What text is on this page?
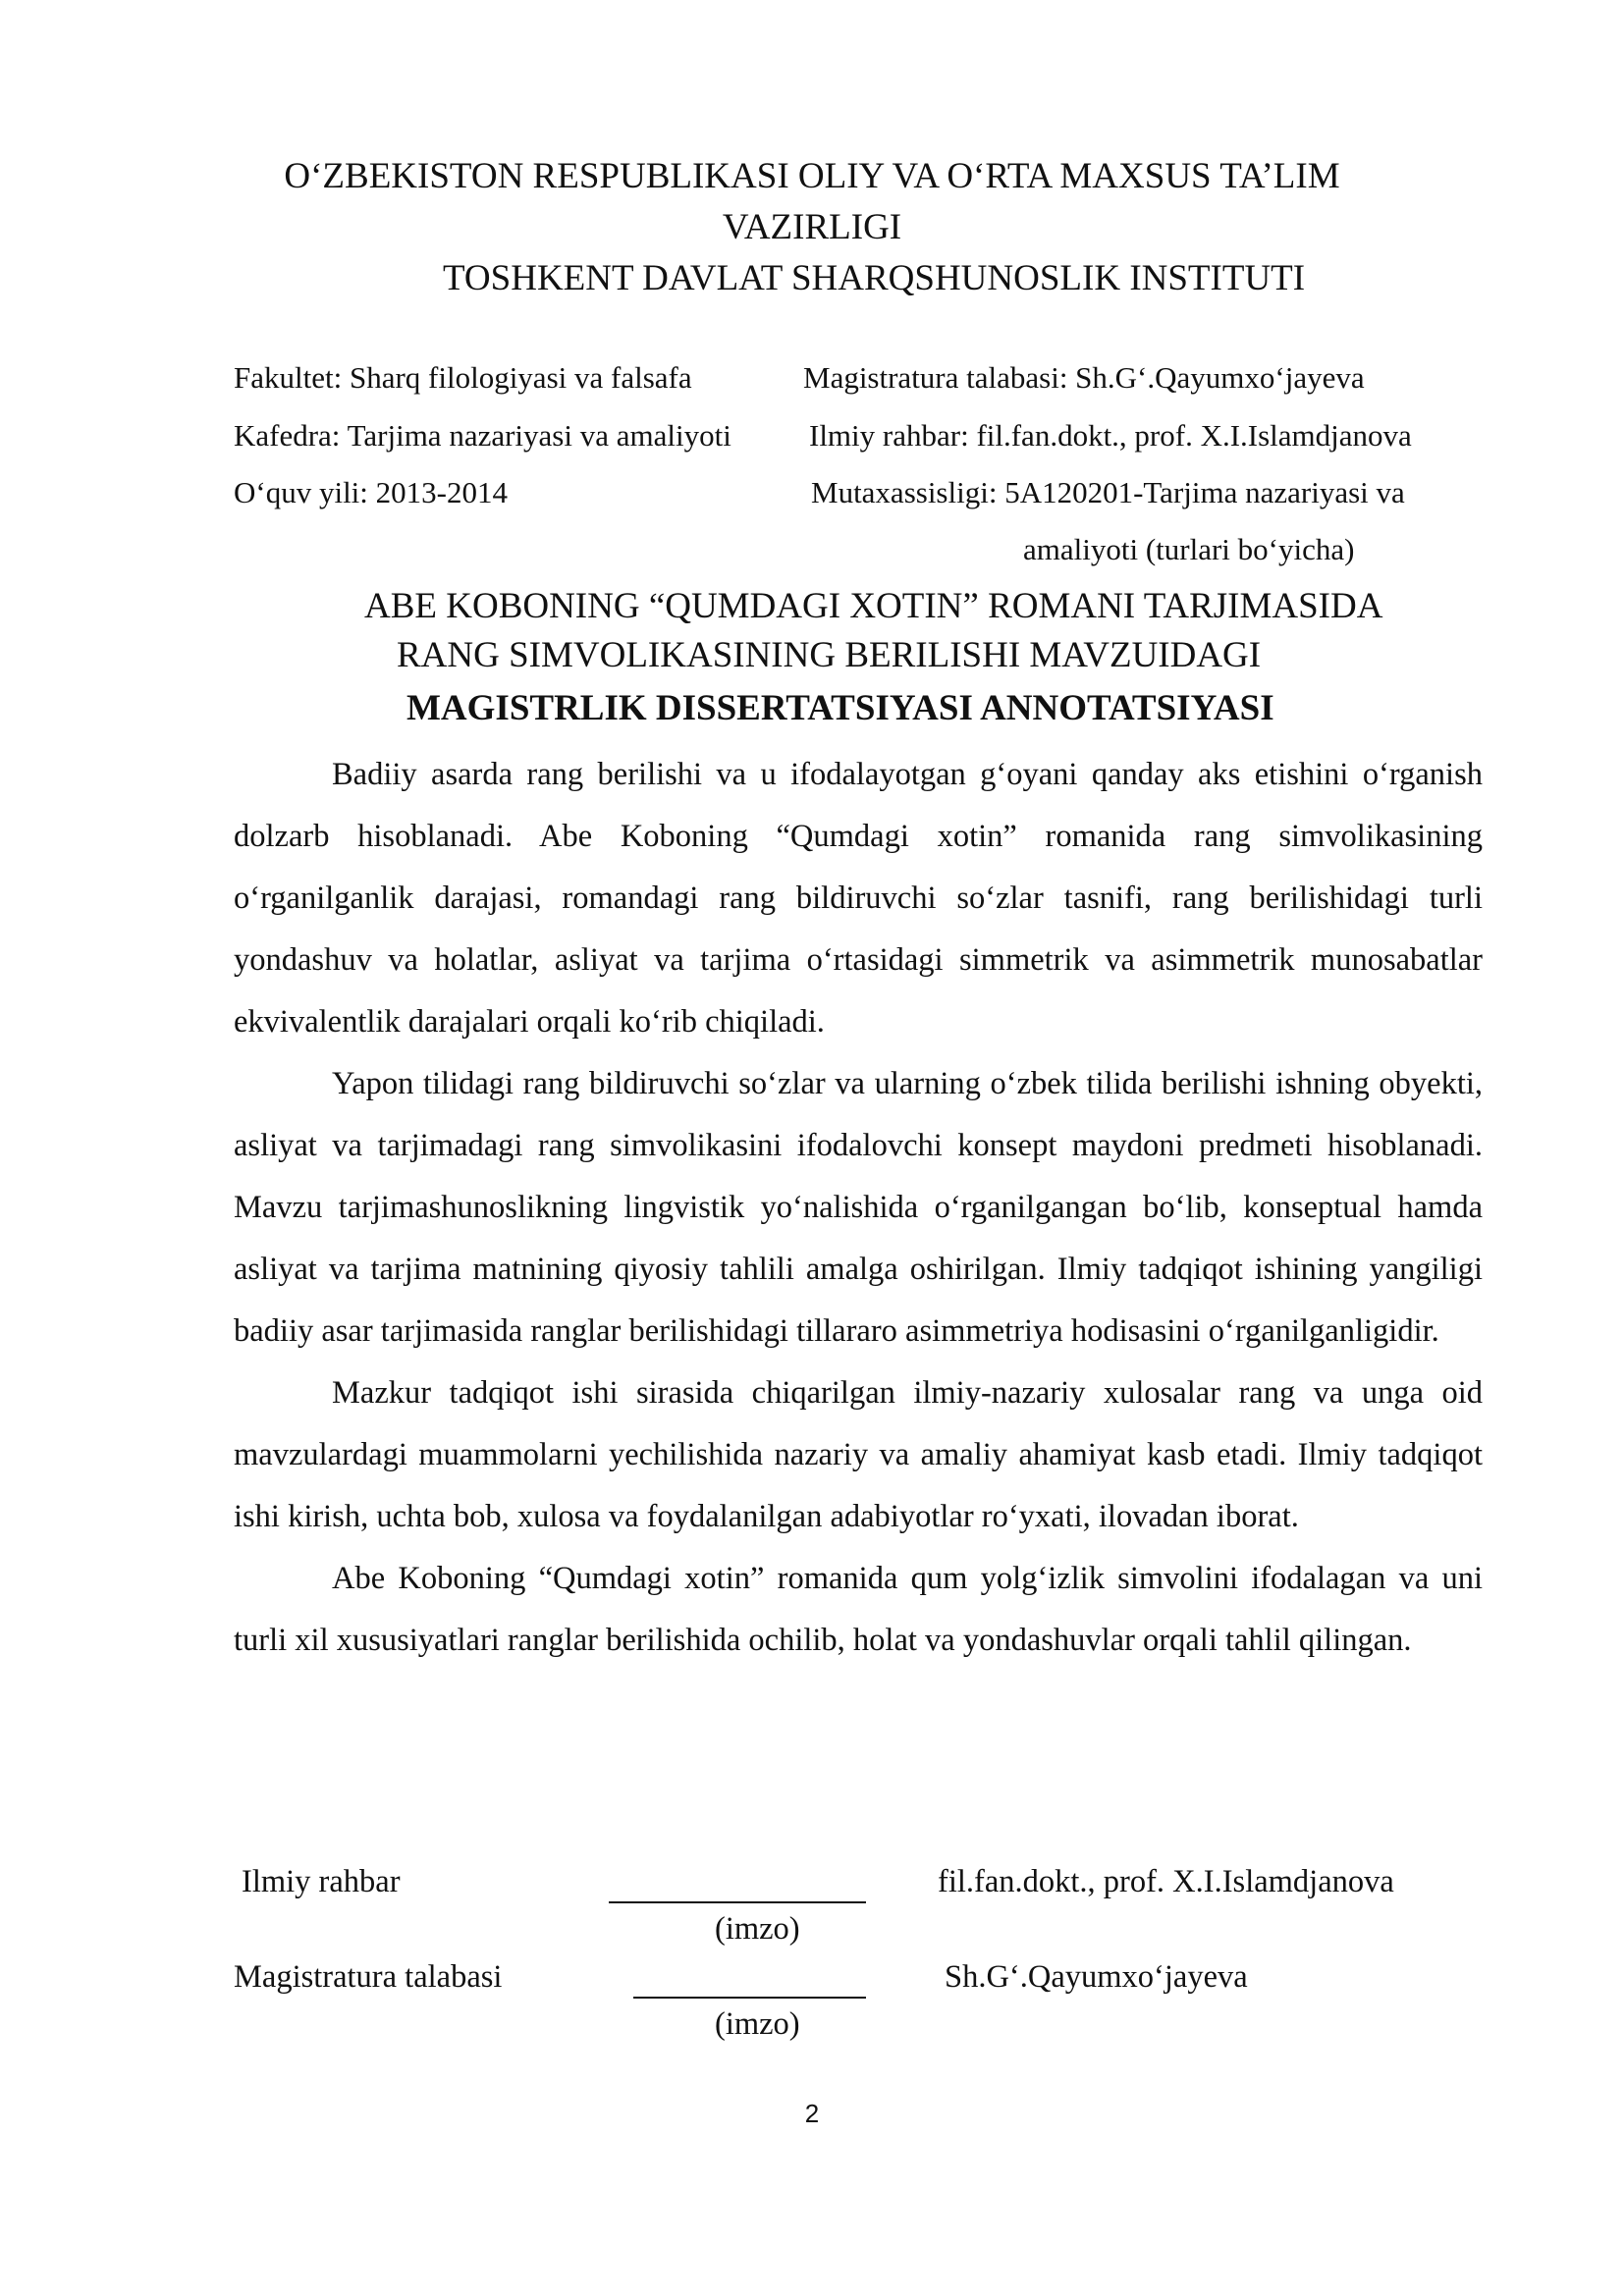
O‘ZBEKISTON RESPUBLIKASI OLIY VA O‘RTA MAXSUS TA’LIM
VAZIRLIGI
TOSHKENT DAVLAT SHARQSHUNOSLIK INSTITUTI
Fakultet: Sharq filologiyasi va falsafa
Kafedra: Tarjima nazariyasi va amaliyoti
O‘quv yili: 2013-2014
Magistratura talabasi: Sh.G‘.Qayumxo‘jayeva
Ilmiy rahbar: fil.fan.dokt., prof. X.I.Islamdjanova
Mutaxassisligi: 5A120201-Tarjima nazariyasi va
amaliyoti (turlari bo‘yicha)
ABE KOBONING “QUMDAGI XOTIN” ROMANI TARJIMASIDA
RANG SIMVOLIKASINING BERILISHI MAVZUIDAGI
MAGISTRLIK DISSERTATSIYASI ANNOTATSIYASI

Badiiy asarda rang berilishi va u ifodalayotgan g‘oyani qanday aks etishini o‘rganish dolzarb hisoblanadi. Abe Koboning “Qumdagi xotin” romanida rang simvolikasining o‘rganilganlik darajasi, romandagi rang bildiruvchi so‘zlar tasnifi, rang berilishidagi turli yondashuv va holatlar, asliyat va tarjima o‘rtasidagi simmetrik va asimmetrik munosabatlar ekvivalentlik darajalari orqali ko‘rib chiqiladi.

Yapon tilidagi rang bildiruvchi so‘zlar va ularning o‘zbek tilida berilishi ishning obyekti, asliyat va tarjimadagi rang simvolikasini ifodalovchi konsept maydoni predmeti hisoblanadi. Mavzu tarjimashunoslikning lingvistik yo‘nalishida o‘rganilgangan bo‘lib, konseptual hamda asliyat va tarjima matnining qiyosiy tahlili amalga oshirilgan. Ilmiy tadqiqot ishining yangiligi badiiy asar tarjimasida ranglar berilishidagi tillararo asimmetriya hodisasini o‘rganilganligidir.

Mazkur tadqiqot ishi sirasida chiqarilgan ilmiy-nazariy xulosalar rang va unga oid mavzulardagi muammolarni yechilishida nazariy va amaliy ahamiyat kasb etadi. Ilmiy tadqiqot ishi kirish, uchta bob, xulosa va foydalanilgan adabiyotlar ro‘yxati, ilovadan iborat.

Abe Koboning “Qumdagi xotin” romanida qum yolg‘izlik simvolini ifodalagan va uni turli xil xususiyatlari ranglar berilishida ochilib, holat va yondashuvlar orqali tahlil qilingan.

Ilmiy rahbar	fil.fan.dokt., prof. X.I.Islamdjanova
(imzo)
Magistratura talabasi	Sh.G‘.Qayumxo‘jayeva
(imzo)
2
